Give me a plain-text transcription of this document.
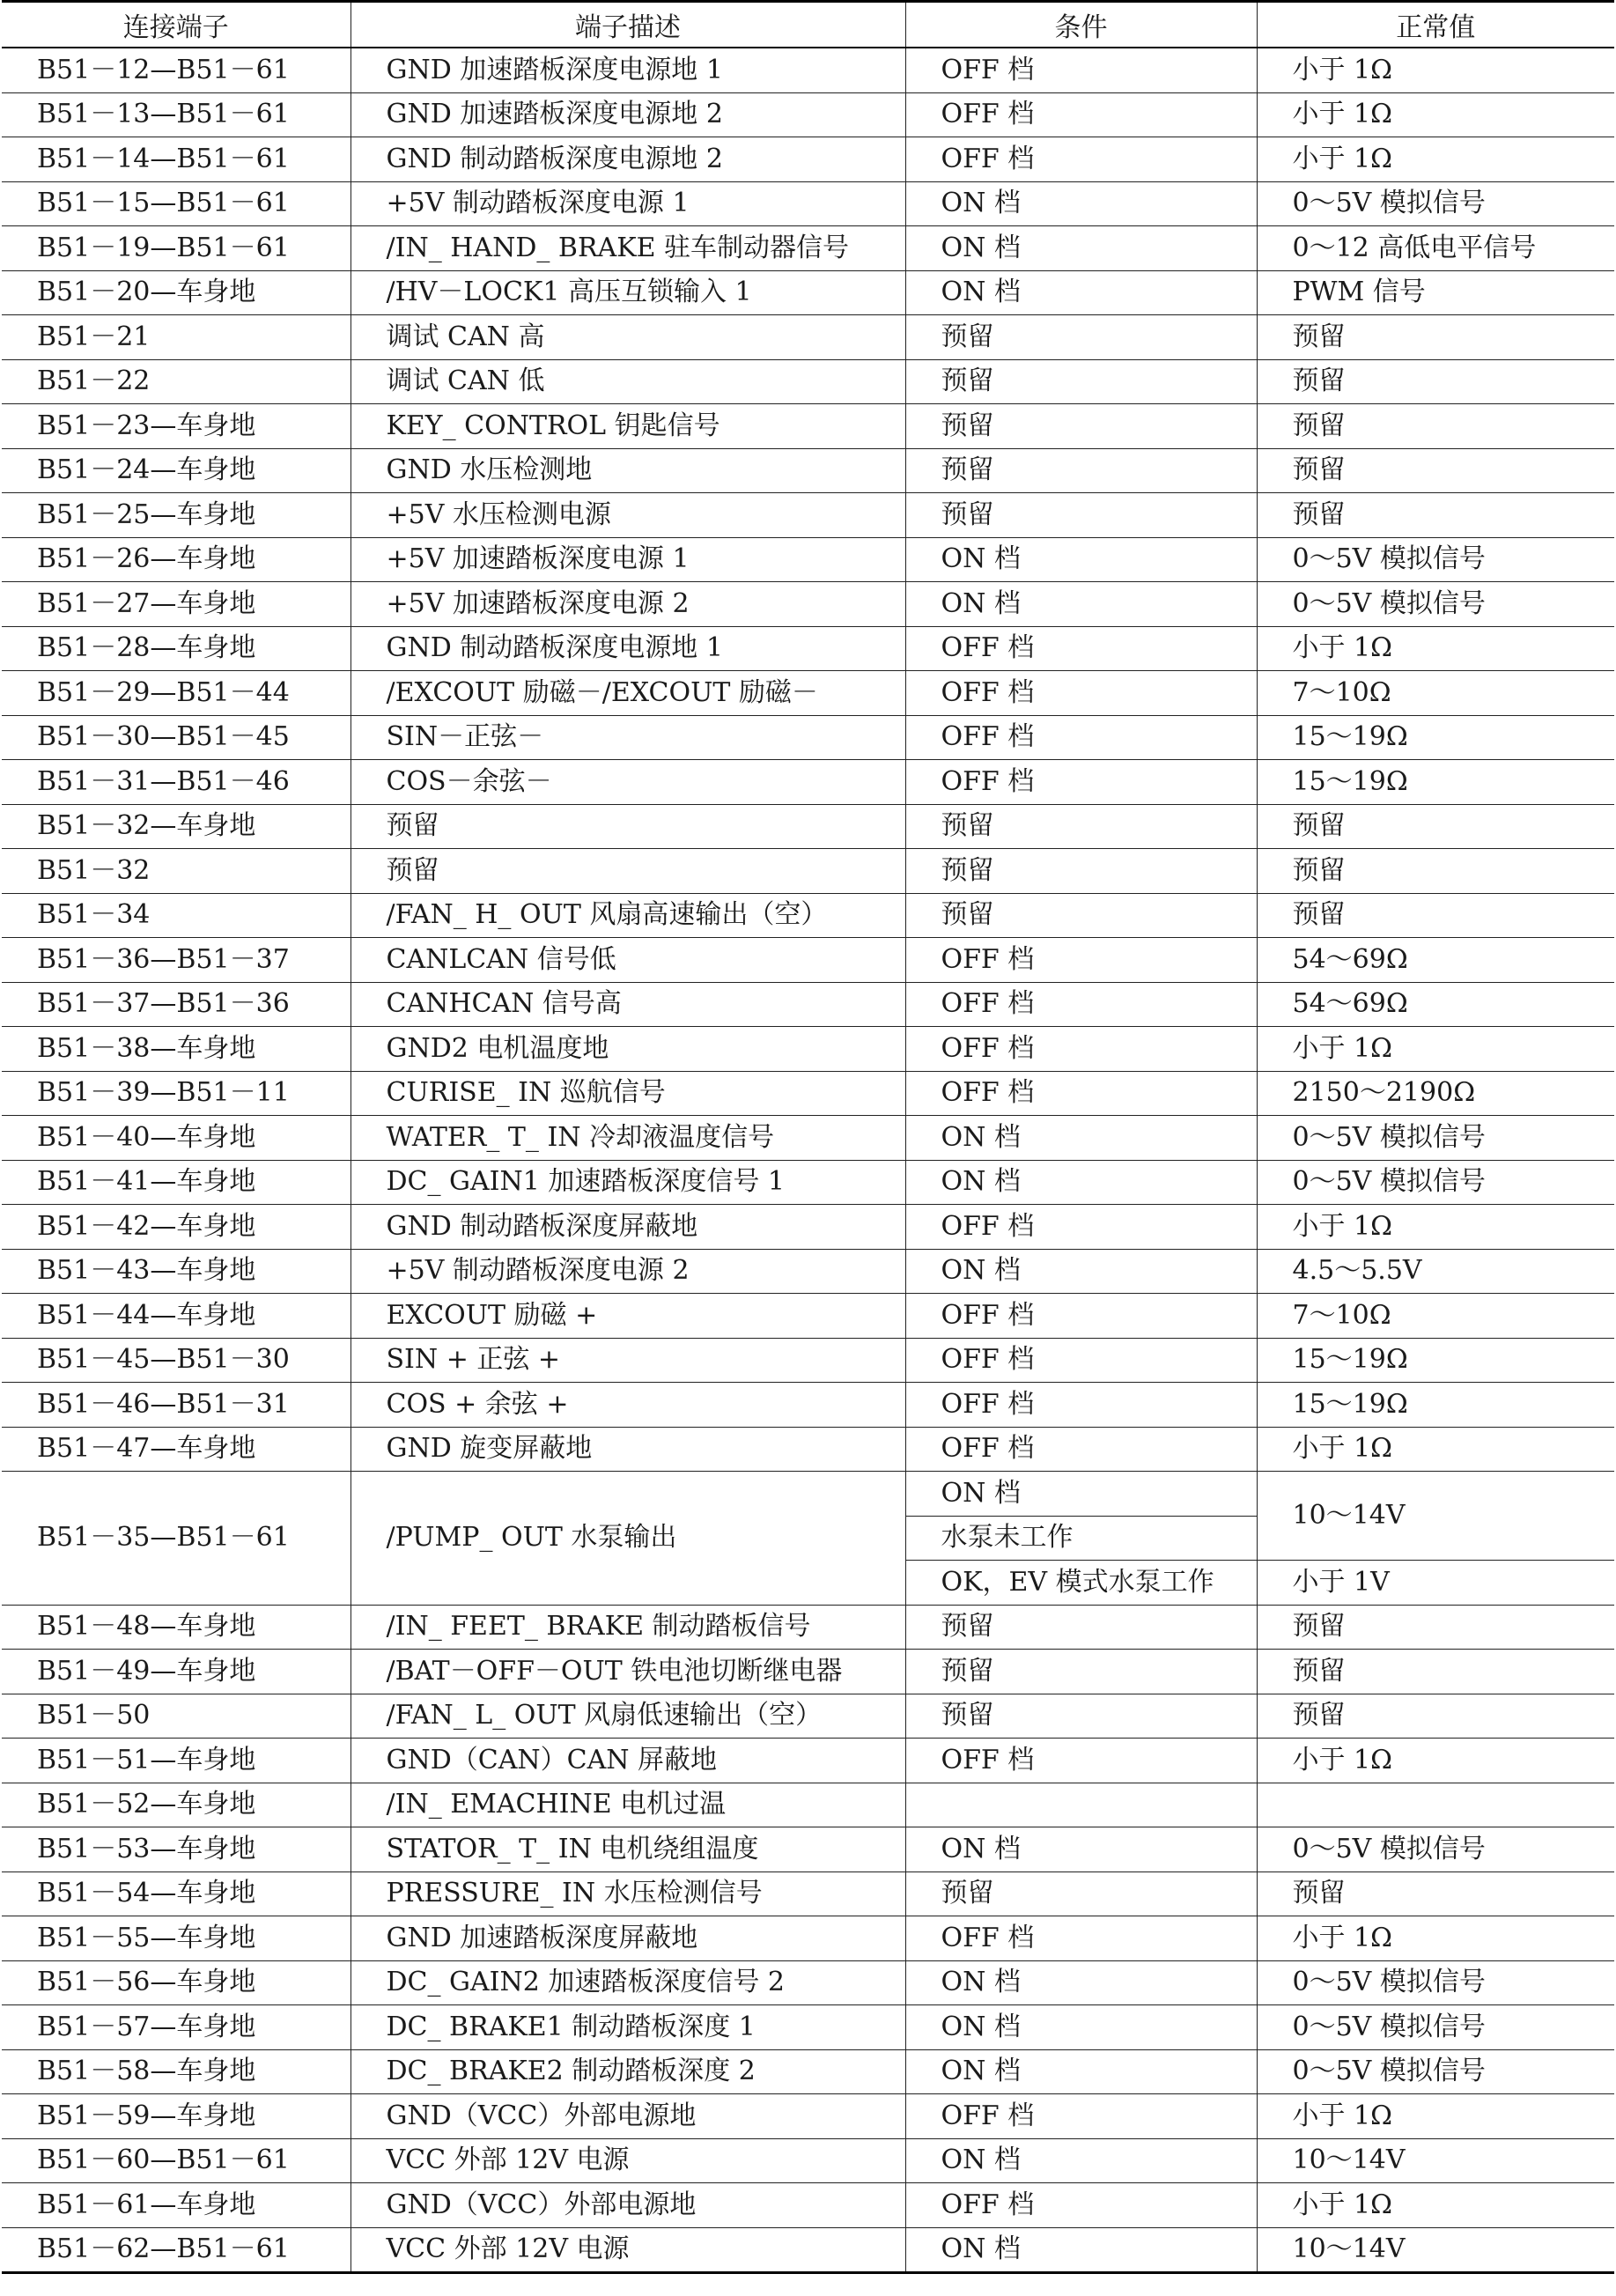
连接端子	端子描述	条件	正常值
B51－12—B51－61	GND 加速踏板深度电源地 1	OFF 档	小于 1Ω
B51－13—B51－61	GND 加速踏板深度电源地 2	OFF 档	小于 1Ω
B51－14—B51－61	GND 制动踏板深度电源地 2	OFF 档	小于 1Ω
B51－15—B51－61	+5V 制动踏板深度电源 1	ON 档	0～5V 模拟信号
B51－19—B51－61	/IN_ HAND_ BRAKE 驻车制动器信号	ON 档	0～12 高低电平信号
B51－20—车身地	/HV－LOCK1 高压互锁输入 1	ON 档	PWM 信号
B51－21	调试 CAN 高	预留	预留
B51－22	调试 CAN 低	预留	预留
B51－23—车身地	KEY_ CONTROL 钥匙信号	预留	预留
B51－24—车身地	GND 水压检测地	预留	预留
B51－25—车身地	+5V 水压检测电源	预留	预留
B51－26—车身地	+5V 加速踏板深度电源 1	ON 档	0～5V 模拟信号
B51－27—车身地	+5V 加速踏板深度电源 2	ON 档	0～5V 模拟信号
B51－28—车身地	GND 制动踏板深度电源地 1	OFF 档	小于 1Ω
B51－29—B51－44	/EXCOUT 励磁－/EXCOUT 励磁－	OFF 档	7～10Ω
B51－30—B51－45	SIN－正弦－	OFF 档	15～19Ω
B51－31—B51－46	COS－余弦－	OFF 档	15～19Ω
B51－32—车身地	预留	预留	预留
B51－32	预留	预留	预留
B51－34	/FAN_ H_ OUT 风扇高速输出（空）	预留	预留
B51－36—B51－37	CANLCAN 信号低	OFF 档	54～69Ω
B51－37—B51－36	CANHCAN 信号高	OFF 档	54～69Ω
B51－38—车身地	GND2 电机温度地	OFF 档	小于 1Ω
B51－39—B51－11	CURISE_ IN 巡航信号	OFF 档	2150～2190Ω
B51－40—车身地	WATER_ T_ IN 冷却液温度信号	ON 档	0～5V 模拟信号
B51－41—车身地	DC_ GAIN1 加速踏板深度信号 1	ON 档	0～5V 模拟信号
B51－42—车身地	GND 制动踏板深度屏蔽地	OFF 档	小于 1Ω
B51－43—车身地	+5V 制动踏板深度电源 2	ON 档	4.5～5.5V
B51－44—车身地	EXCOUT 励磁 +	OFF 档	7～10Ω
B51－45—B51－30	SIN + 正弦 +	OFF 档	15～19Ω
B51－46—B51－31	COS + 余弦 +	OFF 档	15～19Ω
B51－47—车身地	GND 旋变屏蔽地	OFF 档	小于 1Ω
B51－35—B51－61	/PUMP_ OUT 水泵输出	ON 档	10～14V
		水泵未工作	
		OK，EV 模式水泵工作	小于 1V
B51－48—车身地	/IN_ FEET_ BRAKE 制动踏板信号	预留	预留
B51－49—车身地	/BAT－OFF－OUT 铁电池切断继电器	预留	预留
B51－50	/FAN_ L_ OUT 风扇低速输出（空）	预留	预留
B51－51—车身地	GND（CAN）CAN 屏蔽地	OFF 档	小于 1Ω
B51－52—车身地	/IN_ EMACHINE 电机过温		
B51－53—车身地	STATOR_ T_ IN 电机绕组温度	ON 档	0～5V 模拟信号
B51－54—车身地	PRESSURE_ IN 水压检测信号	预留	预留
B51－55—车身地	GND 加速踏板深度屏蔽地	OFF 档	小于 1Ω
B51－56—车身地	DC_ GAIN2 加速踏板深度信号 2	ON 档	0～5V 模拟信号
B51－57—车身地	DC_ BRAKE1 制动踏板深度 1	ON 档	0～5V 模拟信号
B51－58—车身地	DC_ BRAKE2 制动踏板深度 2	ON 档	0～5V 模拟信号
B51－59—车身地	GND（VCC）外部电源地	OFF 档	小于 1Ω
B51－60—B51－61	VCC 外部 12V 电源	ON 档	10～14V
B51－61—车身地	GND（VCC）外部电源地	OFF 档	小于 1Ω
B51－62—B51－61	VCC 外部 12V 电源	ON 档	10～14V
